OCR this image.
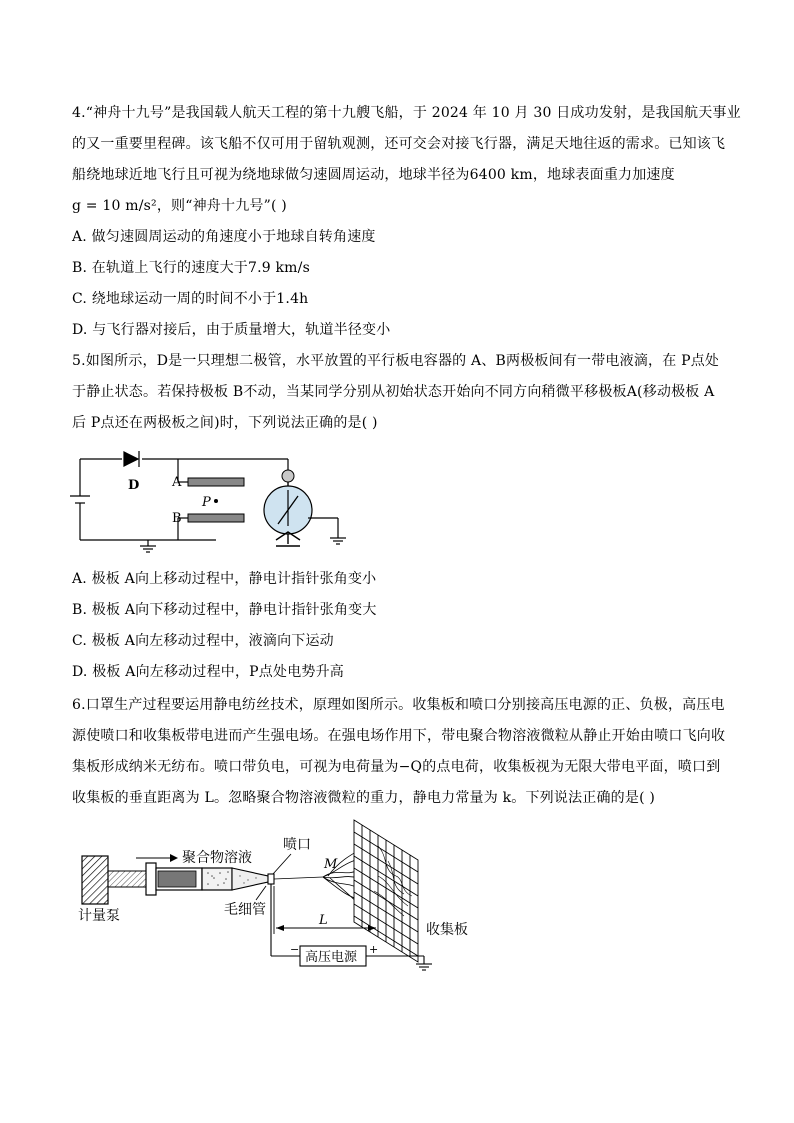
4.“神舟十九号”是我国载人航天工程的第十九艘飞船，于 2024 年 10 月 30 日成功发射，是我国航天事业
的又一重要里程碑。该飞船不仅可用于留轨观测，还可交会对接飞行器，满足天地往返的需求。已知该飞
船绕地球近地飞行且可视为绕地球做匀速圆周运动，地球半径为6400 km，地球表面重力加速度
g = 10 m/s²，则“神舟十九号”( )
A. 做匀速圆周运动的角速度小于地球自转角速度
B. 在轨道上飞行的速度大于7.9 km/s
C. 绕地球运动一周的时间不小于1.4h
D. 与飞行器对接后，由于质量增大，轨道半径变小
5.如图所示，D是一只理想二极管，水平放置的平行板电容器的 A、B两极板间有一带电液滴，在 P点处
于静止状态。若保持极板 B不动，当某同学分别从初始状态开始向不同方向稍微平移极板A(移动极板 A
后 P点还在两极板之间)时，下列说法正确的是( )
D	A
B
P
A. 极板 A向上移动过程中，静电计指针张角变小
B. 极板 A向下移动过程中，静电计指针张角变大
C. 极板 A向左移动过程中，液滴向下运动
D. 极板 A向左移动过程中，P点处电势升高
6.口罩生产过程要运用静电纺丝技术，原理如图所示。收集板和喷口分别接高压电源的正、负极，高压电
源使喷口和收集板带电进而产生强电场。在强电场作用下，带电聚合物溶液微粒从静止开始由喷口飞向收
集板形成纳米无纺布。喷口带负电，可视为电荷量为−Q的点电荷，收集板视为无限大带电平面，喷口到
收集板的垂直距离为 L。忽略聚合物溶液微粒的重力，静电力常量为 k。下列说法正确的是( )
聚合物溶液
喷口
M
计量泵	毛细管
L
收集板
高压电源
−	+
